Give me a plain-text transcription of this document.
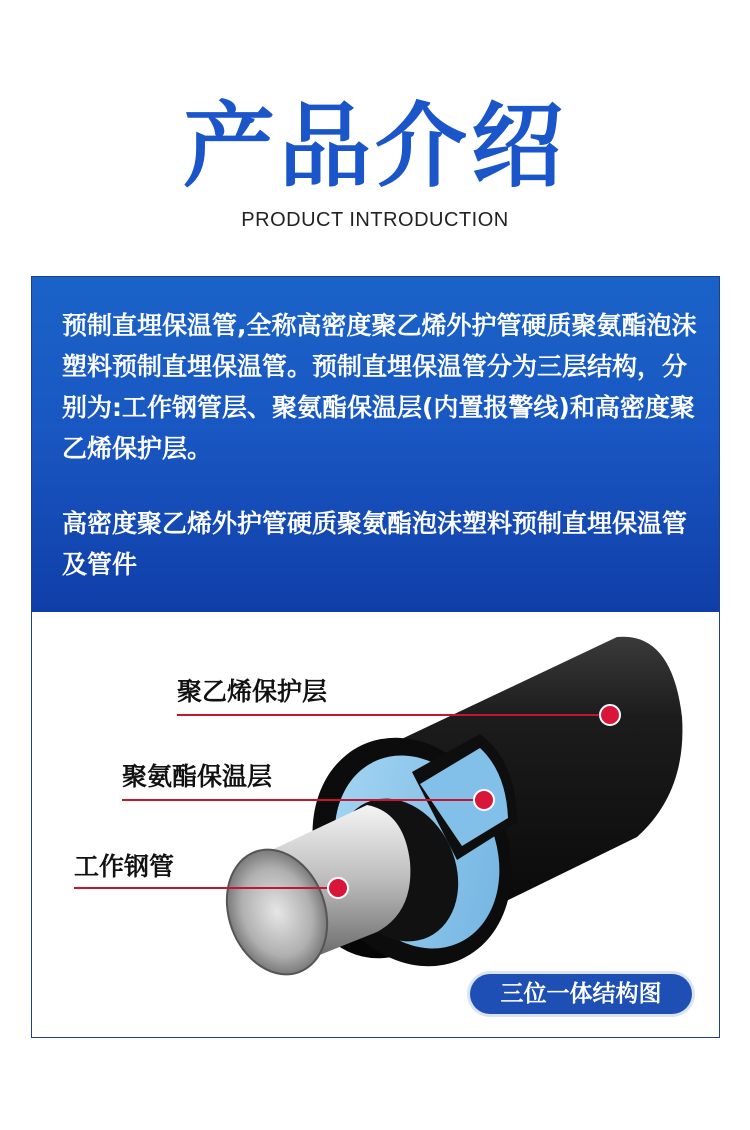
产品介绍
PRODUCT INTRODUCTION

预制直埋保温管,全称高密度聚乙烯外护管硬质聚氨酯泡沫塑料预制直埋保温管。预制直埋保温管分为三层结构，分别为:工作钢管层、聚氨酯保温层(内置报警线)和高密度聚乙烯保护层。

高密度聚乙烯外护管硬质聚氨酯泡沫塑料预制直埋保温管及管件

聚乙烯保护层
聚氨酯保温层
工作钢管
三位一体结构图
